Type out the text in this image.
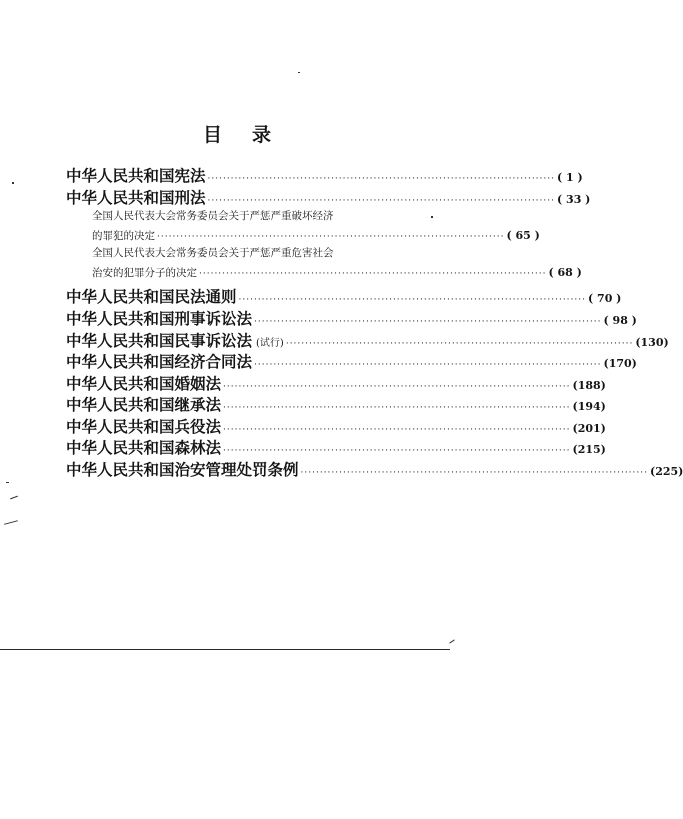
目 录
中华人民共和国宪法 ·························································································· ( 1 )
中华人民共和国刑法 ·························································································· ( 33 )
全国人民代表大会常务委员会关于严惩严重破坏经济
的罪犯的决定 ·························································································· ( 65 )
全国人民代表大会常务委员会关于严惩严重危害社会
治安的犯罪分子的决定 ·························································································· ( 68 )
中华人民共和国民法通则 ·························································································· ( 70 )
中华人民共和国刑事诉讼法 ·························································································· ( 98 )
中华人民共和国民事诉讼法 (试行) ·························································································· (130)
中华人民共和国经济合同法 ·························································································· (170)
中华人民共和国婚姻法 ·························································································· (188)
中华人民共和国继承法 ·························································································· (194)
中华人民共和国兵役法 ·························································································· (201)
中华人民共和国森林法 ·························································································· (215)
中华人民共和国治安管理处罚条例 ·························································································· (225)
